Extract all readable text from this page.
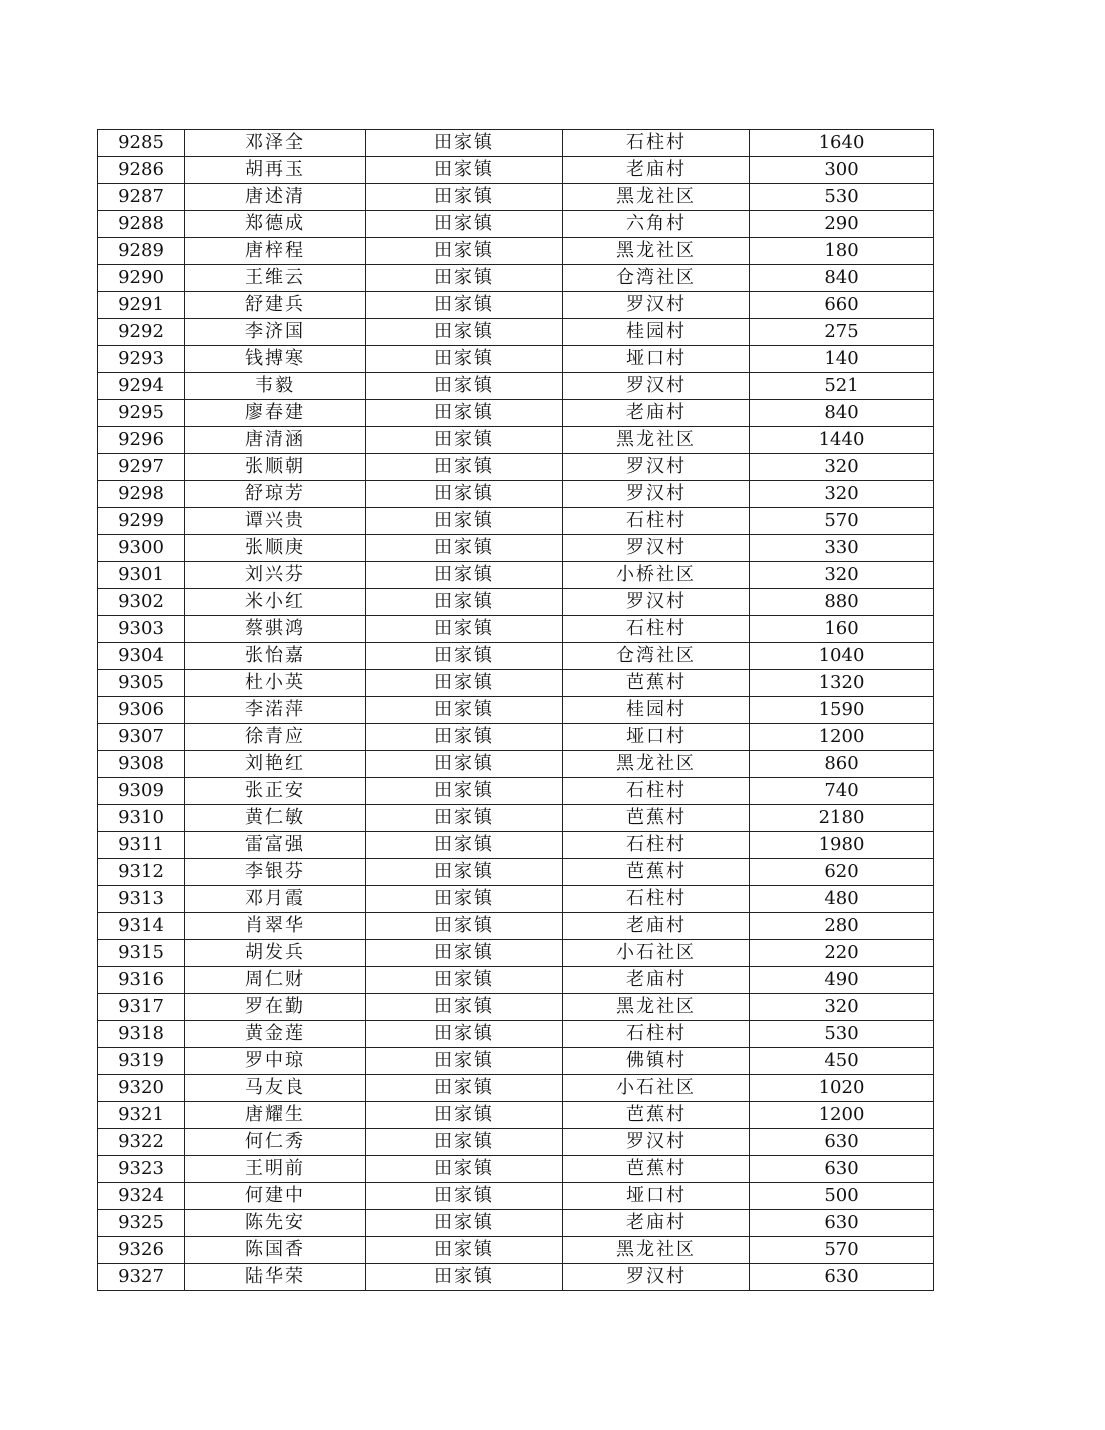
9285	邓泽全	田家镇	石柱村	1640
9286	胡再玉	田家镇	老庙村	300
9287	唐述清	田家镇	黑龙社区	530
9288	郑德成	田家镇	六角村	290
9289	唐梓程	田家镇	黑龙社区	180
9290	王维云	田家镇	仓湾社区	840
9291	舒建兵	田家镇	罗汉村	660
9292	李济国	田家镇	桂园村	275
9293	钱搏寒	田家镇	垭口村	140
9294	韦毅	田家镇	罗汉村	521
9295	廖春建	田家镇	老庙村	840
9296	唐清涵	田家镇	黑龙社区	1440
9297	张顺朝	田家镇	罗汉村	320
9298	舒琼芳	田家镇	罗汉村	320
9299	谭兴贵	田家镇	石柱村	570
9300	张顺庚	田家镇	罗汉村	330
9301	刘兴芬	田家镇	小桥社区	320
9302	米小红	田家镇	罗汉村	880
9303	蔡骐鸿	田家镇	石柱村	160
9304	张怡嘉	田家镇	仓湾社区	1040
9305	杜小英	田家镇	芭蕉村	1320
9306	李渃萍	田家镇	桂园村	1590
9307	徐青应	田家镇	垭口村	1200
9308	刘艳红	田家镇	黑龙社区	860
9309	张正安	田家镇	石柱村	740
9310	黄仁敏	田家镇	芭蕉村	2180
9311	雷富强	田家镇	石柱村	1980
9312	李银芬	田家镇	芭蕉村	620
9313	邓月霞	田家镇	石柱村	480
9314	肖翠华	田家镇	老庙村	280
9315	胡发兵	田家镇	小石社区	220
9316	周仁财	田家镇	老庙村	490
9317	罗在勤	田家镇	黑龙社区	320
9318	黄金莲	田家镇	石柱村	530
9319	罗中琼	田家镇	佛镇村	450
9320	马友良	田家镇	小石社区	1020
9321	唐耀生	田家镇	芭蕉村	1200
9322	何仁秀	田家镇	罗汉村	630
9323	王明前	田家镇	芭蕉村	630
9324	何建中	田家镇	垭口村	500
9325	陈先安	田家镇	老庙村	630
9326	陈国香	田家镇	黑龙社区	570
9327	陆华荣	田家镇	罗汉村	630
